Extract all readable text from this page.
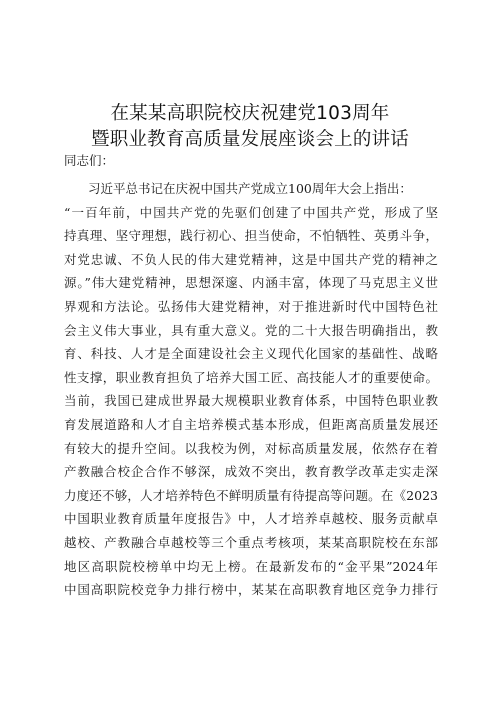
在某某高职院校庆祝建党103周年
暨职业教育高质量发展座谈会上的讲话
同志们：
习近平总书记在庆祝中国共产党成立100周年大会上指出：
“一百年前，中国共产党的先驱们创建了中国共产党，形成了坚
持真理、坚守理想，践行初心、担当使命，不怕牺牲、英勇斗争，
对党忠诚、不负人民的伟大建党精神，这是中国共产党的精神之
源。”伟大建党精神，思想深邃、内涵丰富，体现了马克思主义世
界观和方法论。弘扬伟大建党精神，对于推进新时代中国特色社
会主义伟大事业，具有重大意义。党的二十大报告明确指出，教
育、科技、人才是全面建设社会主义现代化国家的基础性、战略
性支撑，职业教育担负了培养大国工匠、高技能人才的重要使命。
当前，我国已建成世界最大规模职业教育体系，中国特色职业教
育发展道路和人才自主培养模式基本形成，但距离高质量发展还
有较大的提升空间。以我校为例，对标高质量发展，依然存在着
产教融合校企合作不够深，成效不突出，教育教学改革走实走深
力度还不够，人才培养特色不鲜明质量有待提高等问题。在《2023
中国职业教育质量年度报告》中，人才培养卓越校、服务贡献卓
越校、产教融合卓越校等三个重点考核项，某某高职院校在东部
地区高职院校榜单中均无上榜。在最新发布的“金平果”2024年
中国高职院校竞争力排行榜中，某某在高职教育地区竞争力排行
